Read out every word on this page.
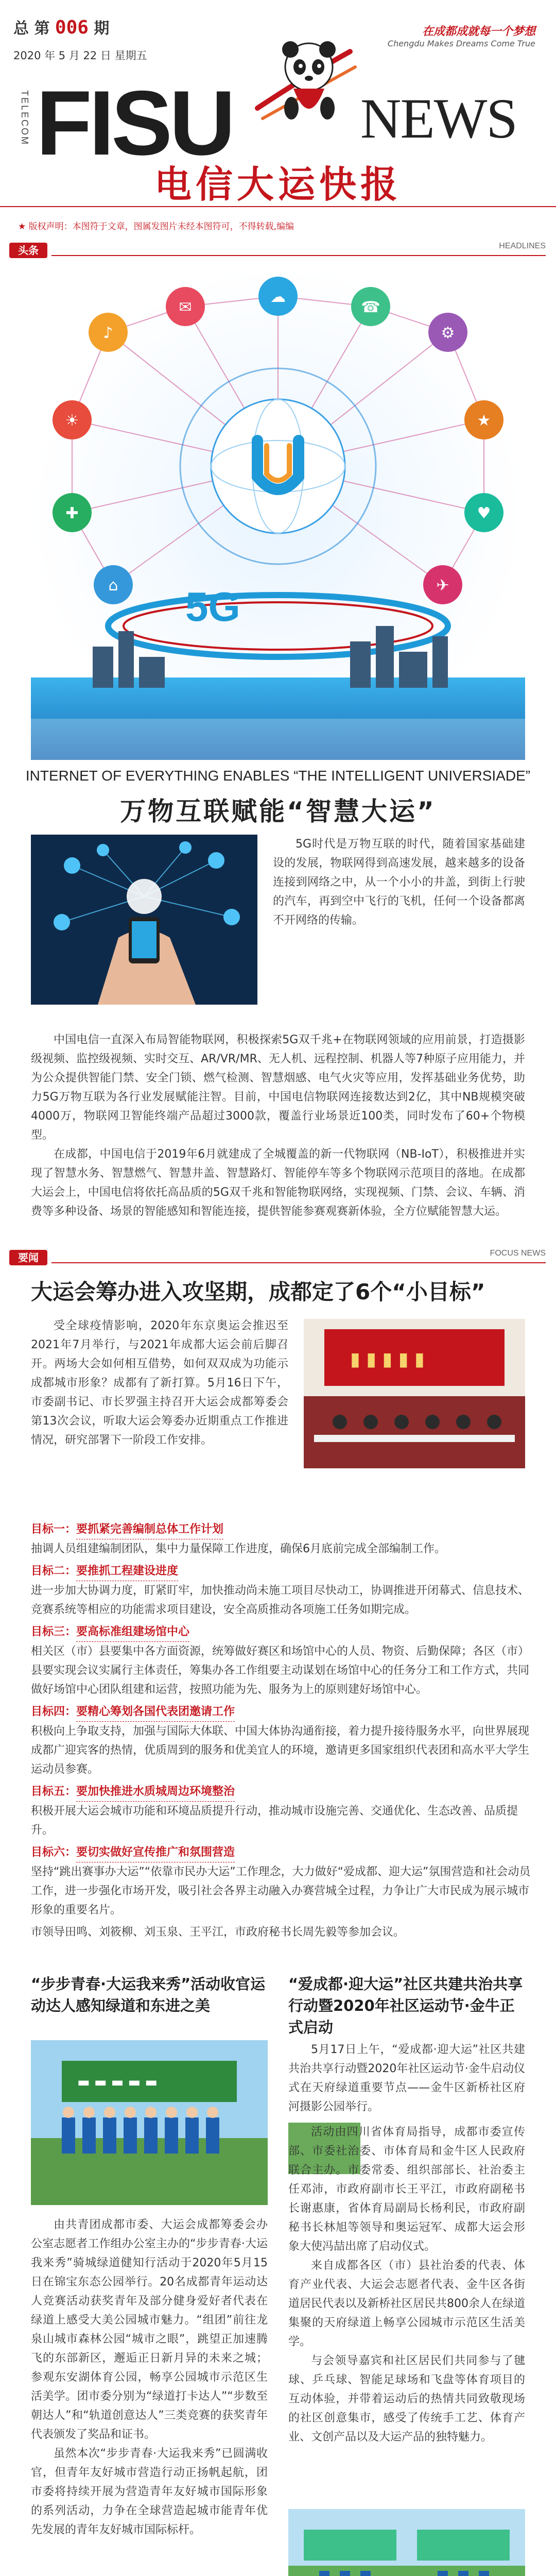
总 第 006 期
2020 年 5 月 22 日 星期五
在成都成就每一个梦想
Chengdu Makes Dreams Come True
TELECOM FISU NEWS
电信大运快报
★ 版权声明：本图符于文章，图属发图片未经本图符可，不得转载,编编
头条	HEADLINES
♪
✉
☁
☎
⚙
★
♥
✈
⌂
✚
☀
5G
INTERNET OF EVERYTHING ENABLES “THE INTELLIGENT UNIVERSIADE”
万物互联赋能“智慧大运”

5G时代是万物互联的时代，随着国家基础建设的发展，物联网得到高速发展，越来越多的设备连接到网络之中，从一个小小的井盖，到街上行驶的汽车，再到空中飞行的飞机，任何一个设备都离不开网络的传输。

中国电信一直深入布局智能物联网，积极探索5G双千兆+在物联网领域的应用前景，打造摄影级视频、监控级视频、实时交互、AR/VR/MR、无人机、远程控制、机器人等7种原子应用能力，并为公众提供智能门禁、安全门锁、燃气检测、智慧烟感、电气火灾等应用，发挥基础业务优势，助力5G万物互联为各行业发展赋能注智。目前，中国电信物联网连接数达到2亿，其中NB规模突破4000万，物联网卫智能终端产品超过3000款，覆盖行业场景近100类，同时发布了60+个物模型。

在成都，中国电信于2019年6月就建成了全城覆盖的新一代物联网（NB-IoT），积极推进并实现了智慧水务、智慧燃气、智慧井盖、智慧路灯、智能停车等多个物联网示范项目的落地。在成都大运会上，中国电信将依托高品质的5G双千兆和智能物联网络，实现视频、门禁、会议、车辆、消费等多种设备、场景的智能感知和智能连接，提供智能参赛观赛新体验，全方位赋能智慧大运。

要闻	FOCUS NEWS
大运会筹办进入攻坚期，成都定了6个“小目标”

受全球疫情影响，2020年东京奥运会推迟至2021年7月举行，与2021年成都大运会前后脚召开。两场大会如何相互借势，如何双双成为功能示成都城市形象？成都有了新打算。5月16日下午，市委副书记、市长罗强主持召开大运会成都筹委会第13次会议，听取大运会筹委办近期重点工作推进情况，研究部署下一阶段工作安排。

▮ ▮ ▮ ▮ ▮
目标一：要抓紧完善编制总体工作计划
抽调人员组建编制团队，集中力量保障工作进度，确保6月底前完成全部编制工作。
目标二：要推抓工程建设进度
进一步加大协调力度，盯紧盯牢，加快推动尚未施工项目尽快动工，协调推进开闭幕式、信息技术、竞赛系统等相应的功能需求项目建设，安全高质推动各项施工任务如期完成。
目标三：要高标准组建场馆中心
相关区（市）县要集中各方面资源，统筹做好赛区和场馆中心的人员、物资、后勤保障；各区（市）县要实现会议实属行主体责任，筹集办各工作组要主动谋划在场馆中心的任务分工和工作方式，共同做好场馆中心团队组建和运营，按照功能为先、服务为上的原则建好场馆中心。
目标四：要精心筹划各国代表团邀请工作
积极向上争取支持，加强与国际大体联、中国大体协沟通衔接，着力提升接待服务水平，向世界展现成都广迎宾客的热情，优质周到的服务和优美宜人的环境，邀请更多国家组织代表团和高水平大学生运动员参赛。
目标五：要加快推进水质城周边环境整治
积极开展大运会城市功能和环境品质提升行动，推动城市设施完善、交通优化、生态改善、品质提升。
目标六：要切实做好宣传推广和氛围营造
坚持“跳出赛事办大运”“依靠市民办大运”工作理念，大力做好“爱成都、迎大运”氛围营造和社会动员工作，进一步强化市场开发，吸引社会各界主动融入办赛营城全过程，力争让广大市民成为展示城市形象的重要名片。
市领导田鸣、刘筱柳、刘玉泉、王平江，市政府秘书长周先毅等参加会议。
“步步青春·大运我来秀”活动收官运动达人感知绿道和东进之美
“爱成都·迎大运”社区共建共治共享行动暨2020年社区运动节·金牛正式启动
▬ ▬ ▬ ▬ ▬

由共青团成都市委、大运会成都筹委会办公室志愿者工作组办公室主办的“步步青春·大运我来秀”骑城绿道健知行活动于2020年5月15日在锦宝东态公园举行。20名成都青年运动达人竞赛活动获奖青年及部分健身爱好者代表在绿道上感受大美公园城市魅力。“组团”前往龙泉山城市森林公园“城市之眼”，跳望正加速腾飞的东部新区，邂逅正日新月异的未来之城；参观东安湖体育公园，畅享公园城市示范区生活美学。团市委分别为“绿道打卡达人”“步数至朝达人”和“轨道创意达人”三类竞赛的获奖青年代表颁发了奖品和证书。

虽然本次“步步青春·大运我来秀”已圆满收官，但青年友好城市营造行动正扬帆起航，团市委将持续开展为营造青年友好城市国际形象的系列活动，力争在全球营造起城市能青年优先发展的青年友好城市国际标杆。

5月17日上午，“爱成都·迎大运”社区共建共治共享行动暨2020年社区运动节·金牛启动仪式在天府绿道重要节点——金牛区新桥社区府河摄影公园举行。

活动由四川省体育局指导，成都市委宣传部、市委社治委、市体育局和金牛区人民政府联合主办。市委常委、组织部部长、社治委主任邓沛，市政府副市长王平江，市政府副秘书长谢惠康，省体育局副局长杨利民，市政府副秘书长林旭等领导和奥运冠军、成都大运会形象大使冯喆出席了启动仪式。

来自成都各区（市）县社治委的代表、体育产业代表、大运会志愿者代表、金牛区各街道居民代表以及新桥社区居民共800余人在绿道集聚的天府绿道上畅享公园城市示范区生活美学。

与会领导嘉宾和社区居民们共同参与了毽球、乒乓球、智能足球场和飞盘等体育项目的互动体验，并带着运动后的热情共同致敬现场的社区创意集市，感受了传统手工艺、体育产业、文创产品以及大运产品的独特魅力。
